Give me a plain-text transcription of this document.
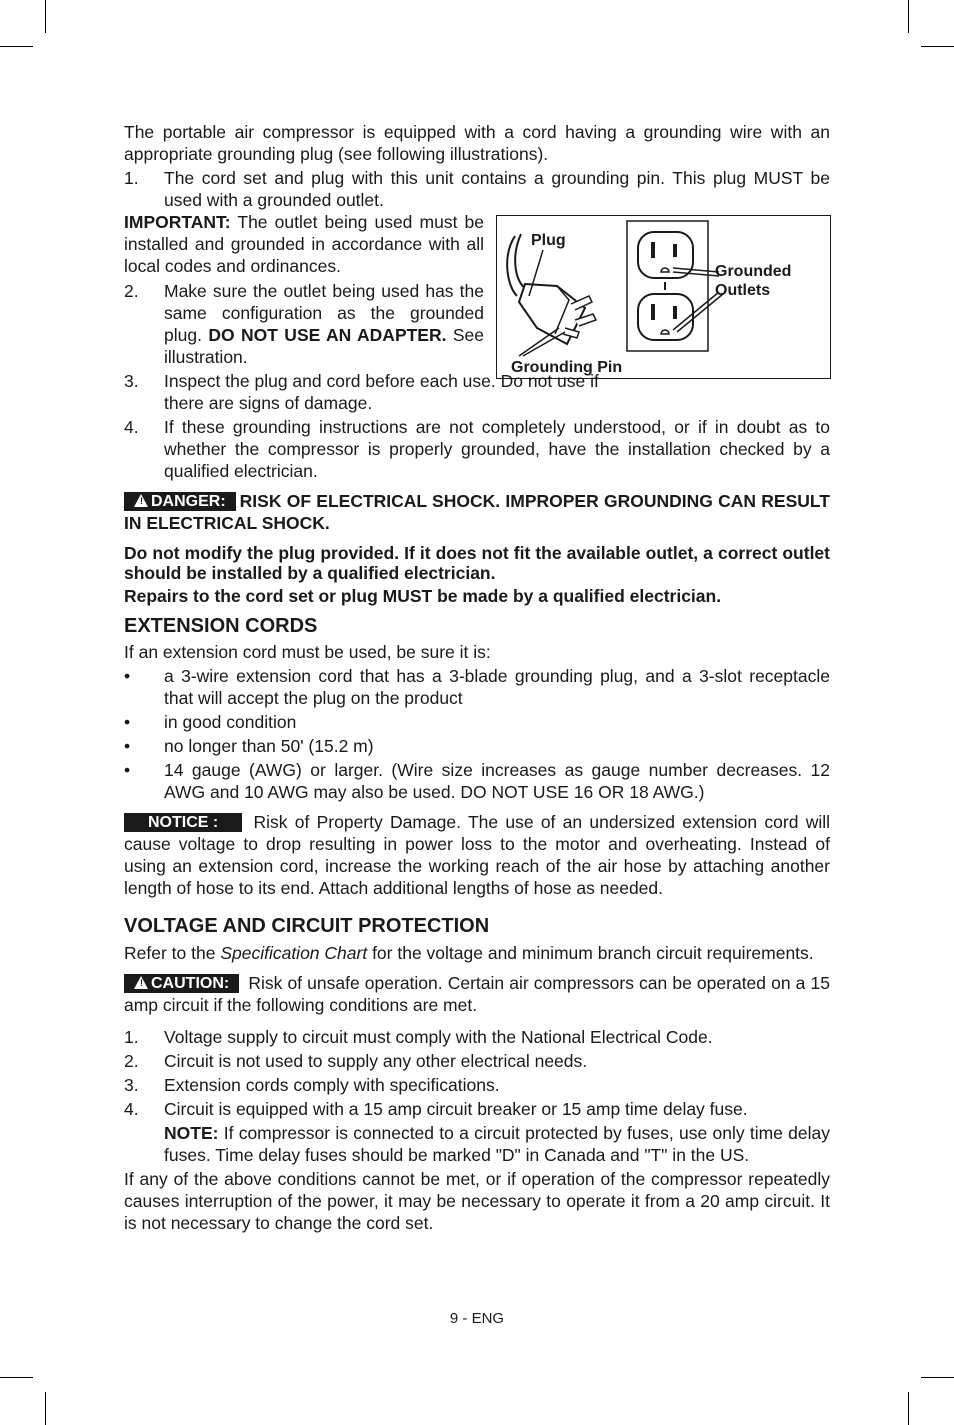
The portable air compressor is equipped with a cord having a grounding wire with an appropriate grounding plug (see following illustrations).

1. The cord set and plug with this unit contains a grounding pin. This plug MUST be used with a grounded outlet.

IMPORTANT: The outlet being used must be installed and grounded in accordance with all local codes and ordinances.

2. Make sure the outlet being used has the same configuration as the grounded plug. DO NOT USE AN ADAPTER. See illustration.
3.
Plug
Grounded
Outlets
Grounding Pin
Inspect the plug and cord before each use. Do not use if there are signs of damage.
4. If these grounding instructions are not completely understood, or if in doubt as to whether the compressor is properly grounded, have the installation checked by a qualified electrician.

! DANGER: RISK OF ELECTRICAL SHOCK. IMPROPER GROUNDING CAN RESULT IN ELECTRICAL SHOCK.

Do not modify the plug provided. If it does not fit the available outlet, a correct outlet should be installed by a qualified electrician.

Repairs to the cord set or plug MUST be made by a qualified electrician.

EXTENSION CORDS

If an extension cord must be used, be sure it is:

• a 3-wire extension cord that has a 3-blade grounding plug, and a 3-slot receptacle that will accept the plug on the product
• in good condition
• no longer than 50' (15.2 m)
• 14 gauge (AWG) or larger. (Wire size increases as gauge number decreases. 12 AWG and 10 AWG may also be used. DO NOT USE 16 OR 18 AWG.)

NOTICE : Risk of Property Damage. The use of an undersized extension cord will cause voltage to drop resulting in power loss to the motor and overheating. Instead of using an extension cord, increase the working reach of the air hose by attaching another length of hose to its end. Attach additional lengths of hose as needed.

VOLTAGE AND CIRCUIT PROTECTION

Refer to the Specification Chart for the voltage and minimum branch circuit requirements.

! CAUTION: Risk of unsafe operation. Certain air compressors can be operated on a 15 amp circuit if the following conditions are met.

1. Voltage supply to circuit must comply with the National Electrical Code.
2. Circuit is not used to supply any other electrical needs.
3. Extension cords comply with specifications.
4. Circuit is equipped with a 15 amp circuit breaker or 15 amp time delay fuse.
NOTE: If compressor is connected to a circuit protected by fuses, use only time delay fuses. Time delay fuses should be marked "D" in Canada and "T" in the US.

If any of the above conditions cannot be met, or if operation of the compressor repeatedly causes interruption of the power, it may be necessary to operate it from a 20 amp circuit. It is not necessary to change the cord set.

9 - ENG
